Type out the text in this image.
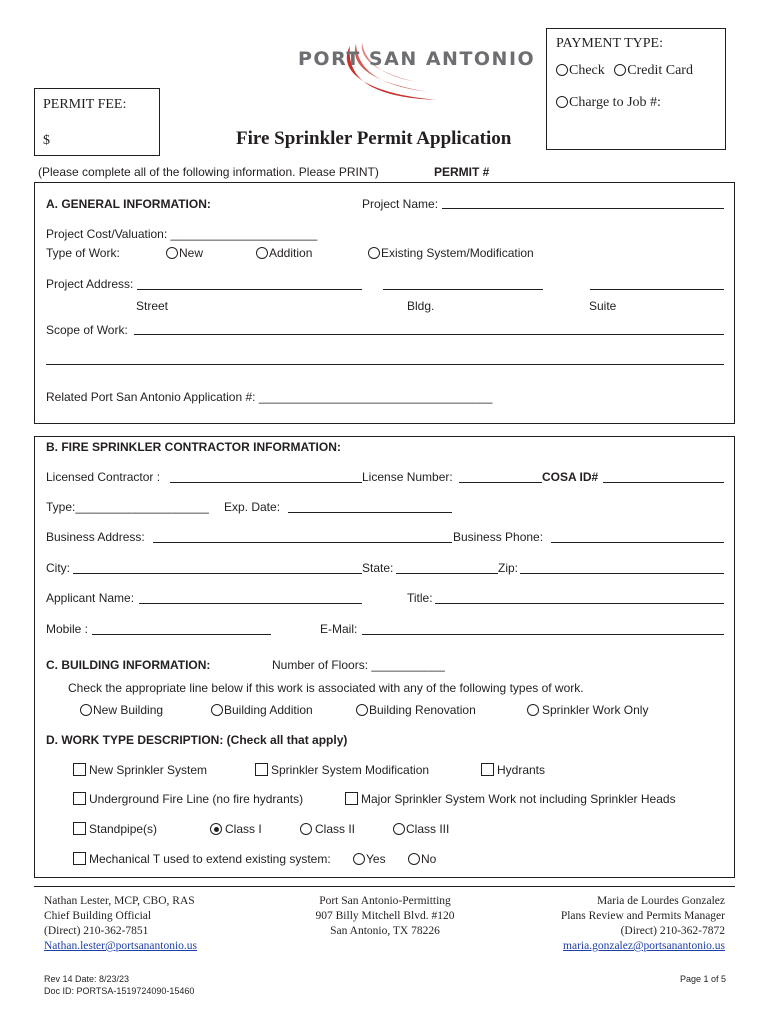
PORT SAN ANTONIO
PAYMENT TYPE:
Check Credit Card
Charge to Job #:
PERMIT FEE:
$	Fire Sprinkler Permit Application
(Please complete all of the following information. Please PRINT)	PERMIT #
A. GENERAL INFORMATION:	Project Name:
Project Cost/Valuation: ______________________
Type of Work:	New	Addition	Existing System/Modification
Project Address:
Street	Bldg.	Suite
Scope of Work:
Related Port San Antonio Application #: ___________________________________
B. FIRE SPRINKLER CONTRACTOR INFORMATION:
Licensed Contractor :	License Number:	COSA ID#
Type:____________________ Exp. Date:
Business Address:	Business Phone:
City:	State:	Zip:
Applicant Name:	Title:
Mobile :	E-Mail:
C. BUILDING INFORMATION:	Number of Floors: ___________
Check the appropriate line below if this work is associated with any of the following types of work.
New Building	Building Addition	Building Renovation	Sprinkler Work Only
D. WORK TYPE DESCRIPTION: (Check all that apply)
New Sprinkler System	Sprinkler System Modification	Hydrants
Underground Fire Line (no fire hydrants)	Major Sprinkler System Work not including Sprinkler Heads
Standpipe(s)	Class I	Class II	Class III
Mechanical T used to extend existing system:	Yes	No
Nathan Lester, MCP, CBO, RAS
Chief Building Official
(Direct) 210-362-7851
Nathan.lester@portsanantonio.us
Port San Antonio-Permitting
907 Billy Mitchell Blvd. #120
San Antonio, TX 78226
Maria de Lourdes Gonzalez
Plans Review and Permits Manager
(Direct) 210-362-7872
maria.gonzalez@portsanantonio.us
Rev 14 Date: 8/23/23
Doc ID: PORTSA-1519724090-15460
Page 1 of 5
